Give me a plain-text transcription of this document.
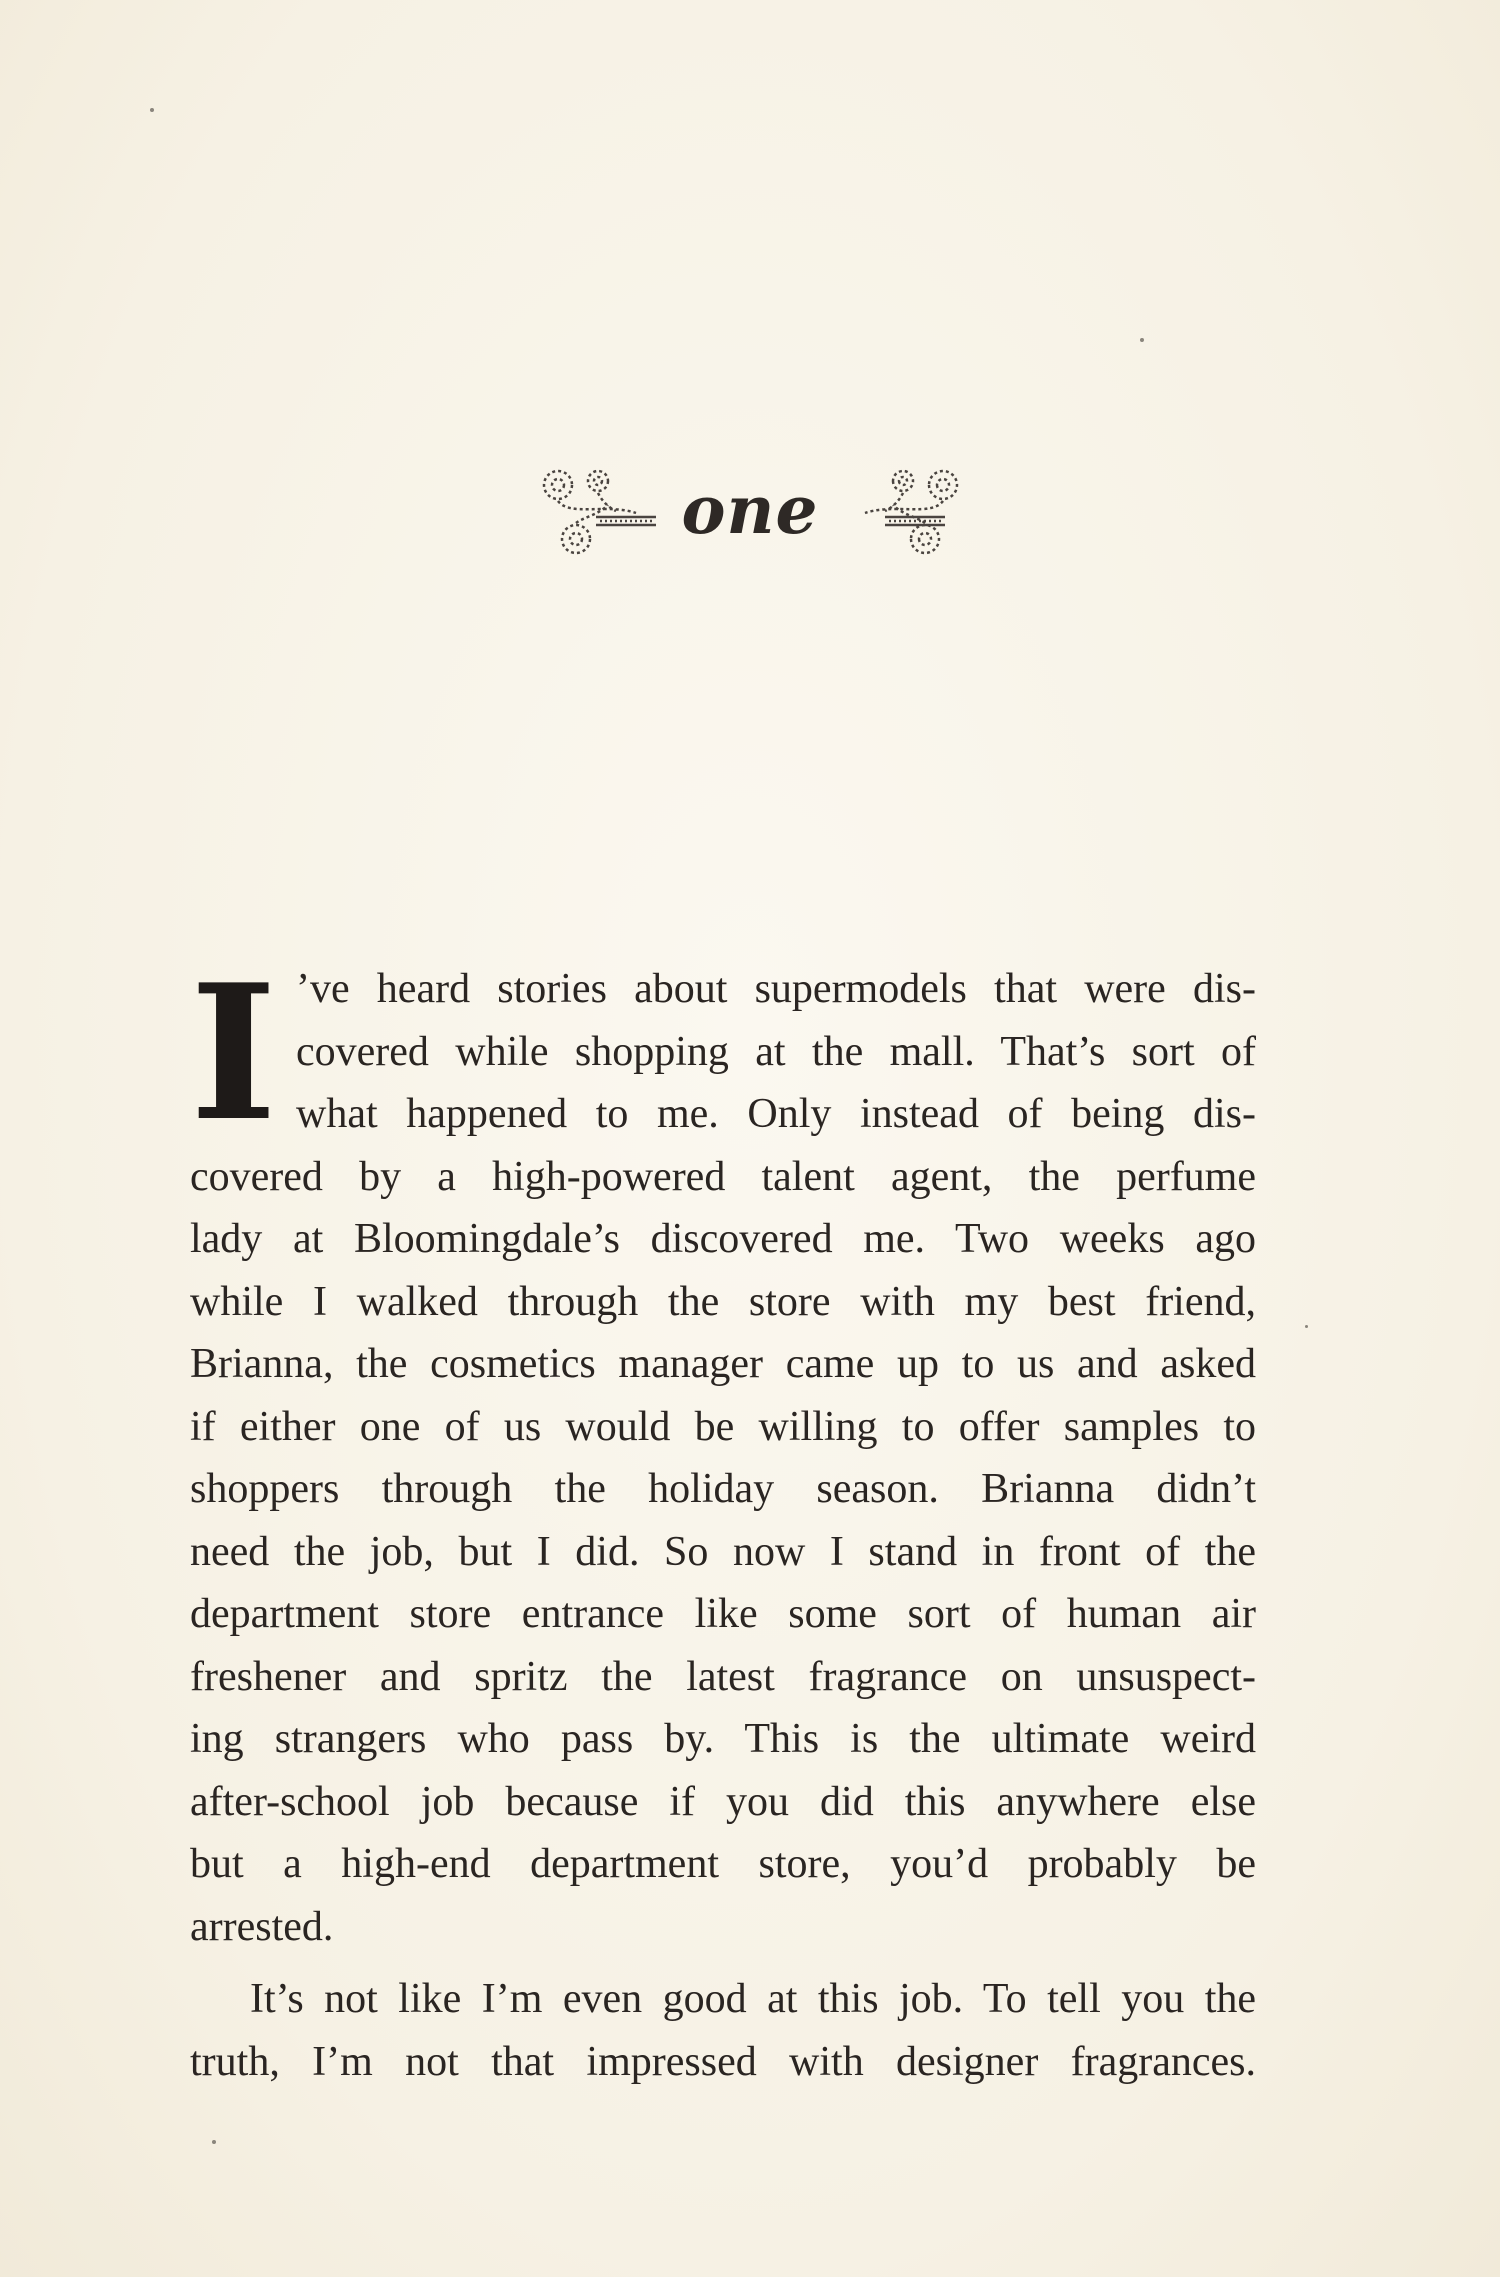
one
I ’ve heard stories about supermodels that were dis-
covered while shopping at the mall. That’s sort of
what happened to me. Only instead of being dis-
covered by a high-powered talent agent, the perfume
lady at Bloomingdale’s discovered me. Two weeks ago
while I walked through the store with my best friend,
Brianna, the cosmetics manager came up to us and asked
if either one of us would be willing to offer samples to
shoppers through the holiday season. Brianna didn’t
need the job, but I did. So now I stand in front of the
department store entrance like some sort of human air
freshener and spritz the latest fragrance on unsuspect-
ing strangers who pass by. This is the ultimate weird
after-school job because if you did this anywhere else
but a high-end department store, you’d probably be
arrested.
It’s not like I’m even good at this job. To tell you the
truth, I’m not that impressed with designer fragrances.
